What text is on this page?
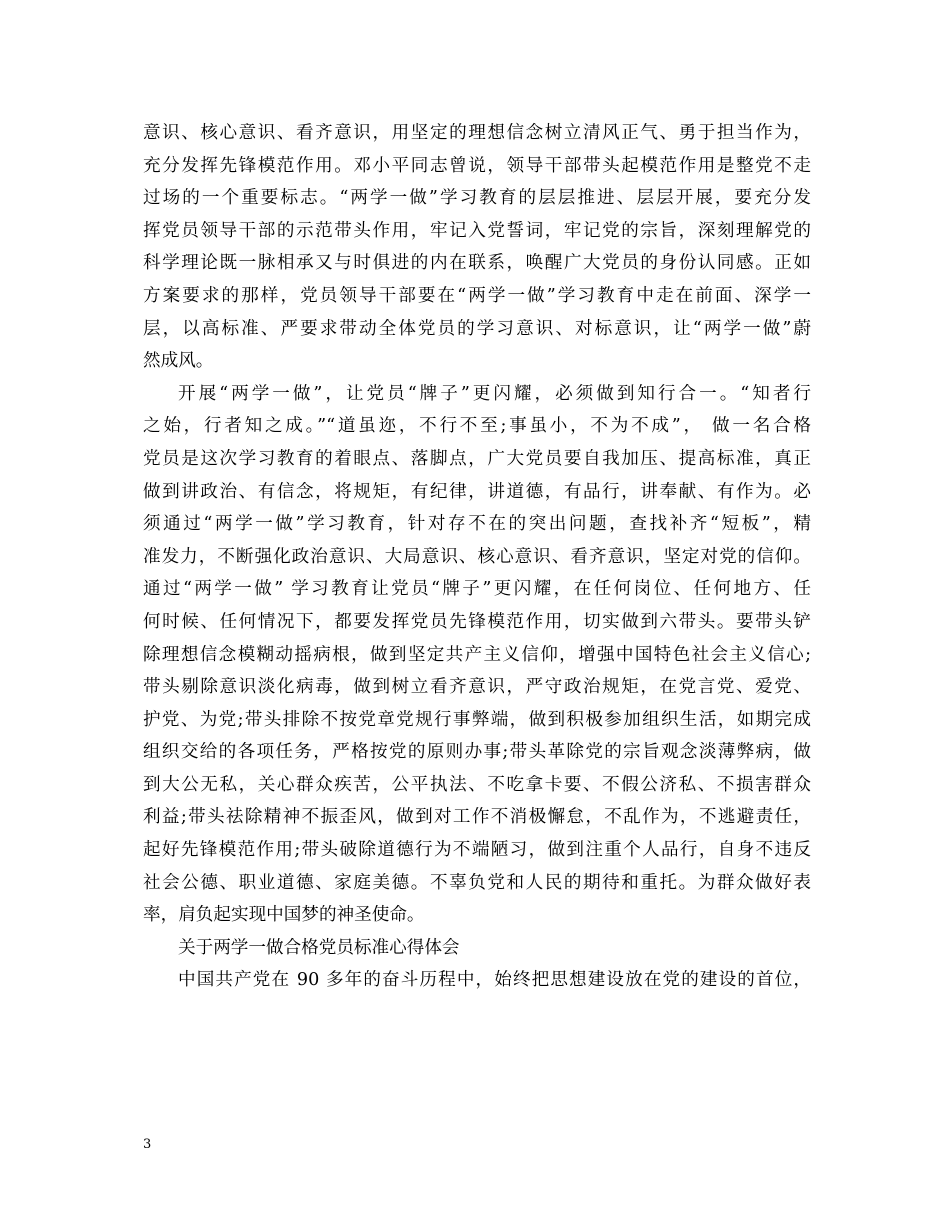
意识、核心意识、看齐意识，用坚定的理想信念树立清风正气、勇于担当作为，
充分发挥先锋模范作用。邓小平同志曾说，领导干部带头起模范作用是整党不走
过场的一个重要标志。“两学一做”学习教育的层层推进、层层开展，要充分发
挥党员领导干部的示范带头作用，牢记入党誓词，牢记党的宗旨，深刻理解党的
科学理论既一脉相承又与时俱进的内在联系，唤醒广大党员的身份认同感。正如
方案要求的那样，党员领导干部要在“两学一做”学习教育中走在前面、深学一
层，以高标准、严要求带动全体党员的学习意识、对标意识，让“两学一做”蔚
然成风。
开展“两学一做”，让党员“牌子”更闪耀，必须做到知行合一。“知者行
之始，行者知之成。”“道虽迩，不行不至;事虽小，不为不成”， 做一名合格
党员是这次学习教育的着眼点、落脚点，广大党员要自我加压、提高标准，真正
做到讲政治、有信念，将规矩，有纪律，讲道德，有品行，讲奉献、有作为。必
须通过“两学一做”学习教育，针对存不在的突出问题，查找补齐“短板”，精
准发力，不断强化政治意识、大局意识、核心意识、看齐意识，坚定对党的信仰。
通过“两学一做” 学习教育让党员“牌子”更闪耀，在任何岗位、任何地方、任
何时候、任何情况下，都要发挥党员先锋模范作用，切实做到六带头。要带头铲
除理想信念模糊动摇病根，做到坚定共产主义信仰，增强中国特色社会主义信心;
带头剔除意识淡化病毒，做到树立看齐意识，严守政治规矩，在党言党、爱党、
护党、为党;带头排除不按党章党规行事弊端，做到积极参加组织生活，如期完成
组织交给的各项任务，严格按党的原则办事;带头革除党的宗旨观念淡薄弊病，做
到大公无私，关心群众疾苦，公平执法、不吃拿卡要、不假公济私、不损害群众
利益;带头祛除精神不振歪风，做到对工作不消极懈怠，不乱作为，不逃避责任，
起好先锋模范作用;带头破除道德行为不端陋习，做到注重个人品行，自身不违反
社会公德、职业道德、家庭美德。不辜负党和人民的期待和重托。为群众做好表
率，肩负起实现中国梦的神圣使命。
关于两学一做合格党员标准心得体会
中国共产党在 90 多年的奋斗历程中，始终把思想建设放在党的建设的首位，
3
